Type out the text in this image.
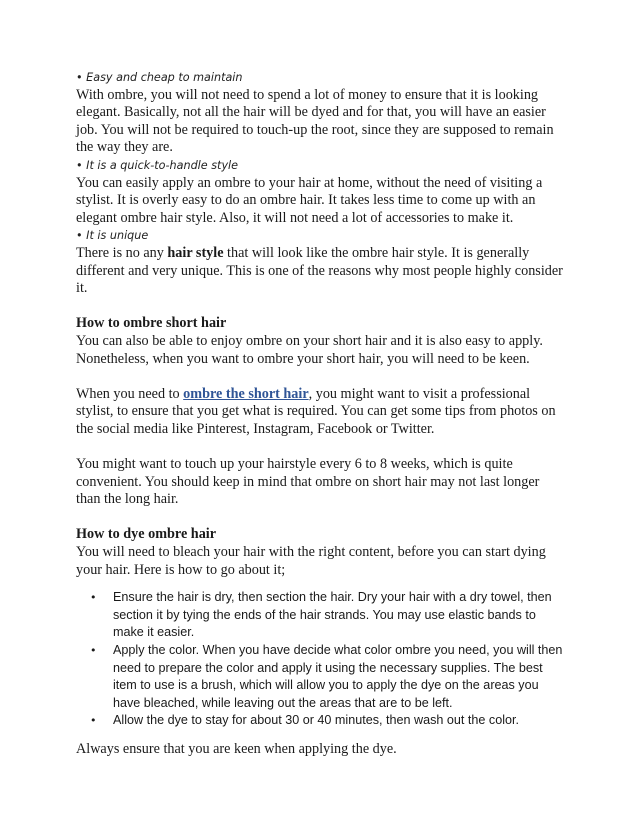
• Easy and cheap to maintain

With ombre, you will not need to spend a lot of money to ensure that it is looking elegant. Basically, not all the hair will be dyed and for that, you will have an easier job. You will not be required to touch-up the root, since they are supposed to remain the way they are.

• It is a quick-to-handle style

You can easily apply an ombre to your hair at home, without the need of visiting a stylist. It is overly easy to do an ombre hair. It takes less time to come up with an elegant ombre hair style. Also, it will not need a lot of accessories to make it.

• It is unique

There is no any hair style that will look like the ombre hair style. It is generally different and very unique. This is one of the reasons why most people highly consider it.

How to ombre short hair

You can also be able to enjoy ombre on your short hair and it is also easy to apply. Nonetheless, when you want to ombre your short hair, you will need to be keen.

When you need to ombre the short hair, you might want to visit a professional stylist, to ensure that you get what is required. You can get some tips from photos on the social media like Pinterest, Instagram, Facebook or Twitter.

You might want to touch up your hairstyle every 6 to 8 weeks, which is quite convenient. You should keep in mind that ombre on short hair may not last longer than the long hair.

How to dye ombre hair

You will need to bleach your hair with the right content, before you can start dying your hair. Here is how to go about it;

• Ensure the hair is dry, then section the hair. Dry your hair with a dry towel, then section it by tying the ends of the hair strands. You may use elastic bands to make it easier.
• Apply the color. When you have decide what color ombre you need, you will then need to prepare the color and apply it using the necessary supplies. The best item to use is a brush, which will allow you to apply the dye on the areas you have bleached, while leaving out the areas that are to be left.
• Allow the dye to stay for about 30 or 40 minutes, then wash out the color.

Always ensure that you are keen when applying the dye.
